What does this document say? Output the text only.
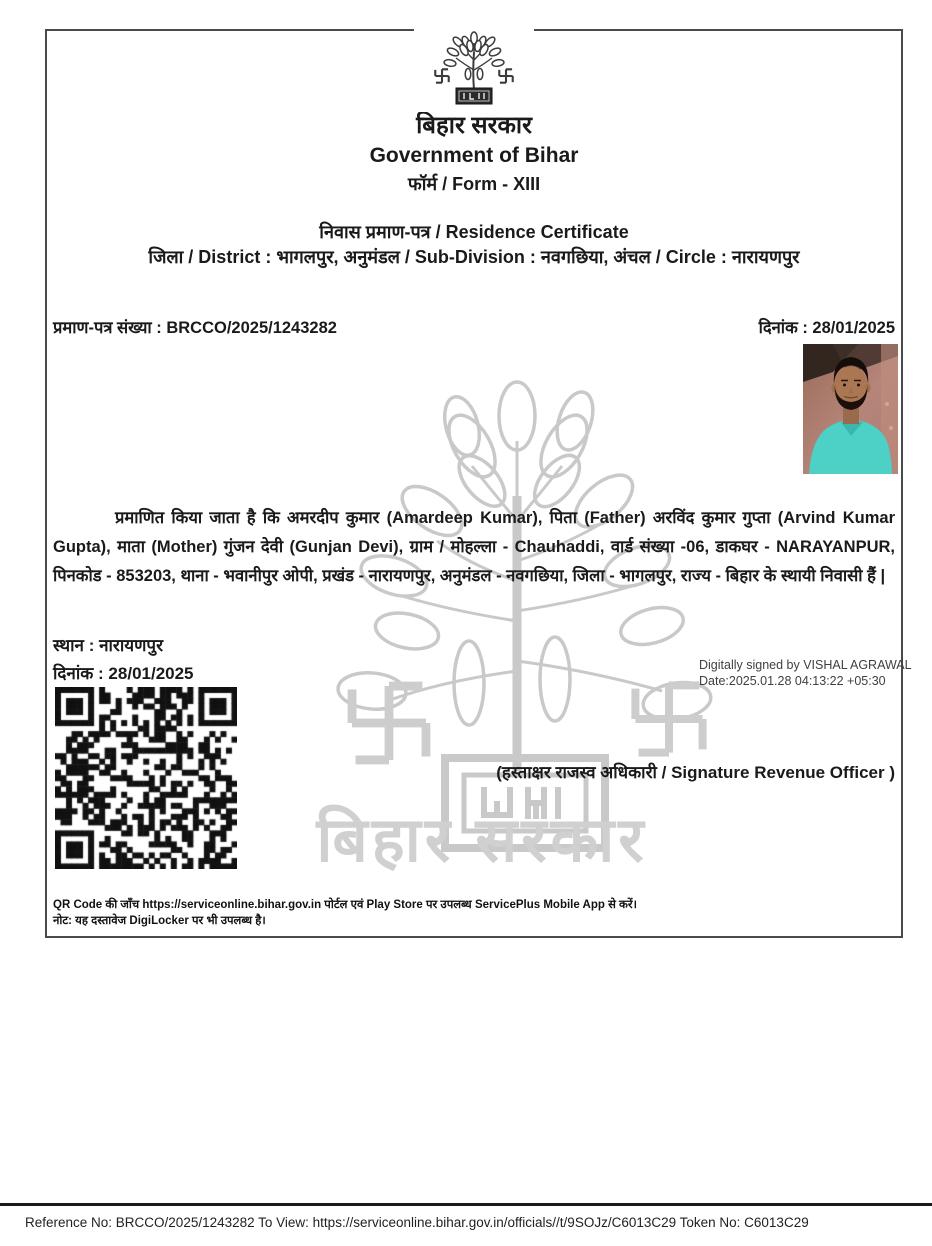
बिहार सरकार
बिहार सरकार
Government of Bihar
फॉर्म / Form - XIII
निवास प्रमाण-पत्र / Residence Certificate
जिला / District : भागलपुर, अनुमंडल / Sub-Division : नवगछिया, अंचल / Circle : नारायणपुर
प्रमाण-पत्र संख्या : BRCCO/2025/1243282	दिनांक : 28/01/2025
प्रमाणित किया जाता है कि अमरदीप कुमार (Amardeep Kumar), पिता (Father) अरविंद कुमार गुप्ता (Arvind Kumar Gupta), माता (Mother) गुंजन देवी (Gunjan Devi), ग्राम / मोहल्ला - Chauhaddi, वार्ड संख्या -06, डाकघर - NARAYANPUR, पिनकोड - 853203, थाना - भवानीपुर ओपी, प्रखंड - नारायणपुर, अनुमंडल - नवगछिया, जिला - भागलपुर, राज्य - बिहार के स्थायी निवासी हैं |
स्थान : नारायणपुर
दिनांक : 28/01/2025	Digitally signed by VISHAL AGRAWAL
Date:2025.01.28 04:13:22 +05:30
(हस्ताक्षर राजस्व अधिकारी / Signature Revenue Officer )
QR Code की जाँच https://serviceonline.bihar.gov.in पोर्टल एवं Play Store पर उपलब्ध ServicePlus Mobile App से करें।
नोट: यह दस्तावेज DigiLocker पर भी उपलब्ध है।
Reference No: BRCCO/2025/1243282 To View: https://serviceonline.bihar.gov.in/officials//t/9SOJz/C6013C29 Token No: C6013C29
